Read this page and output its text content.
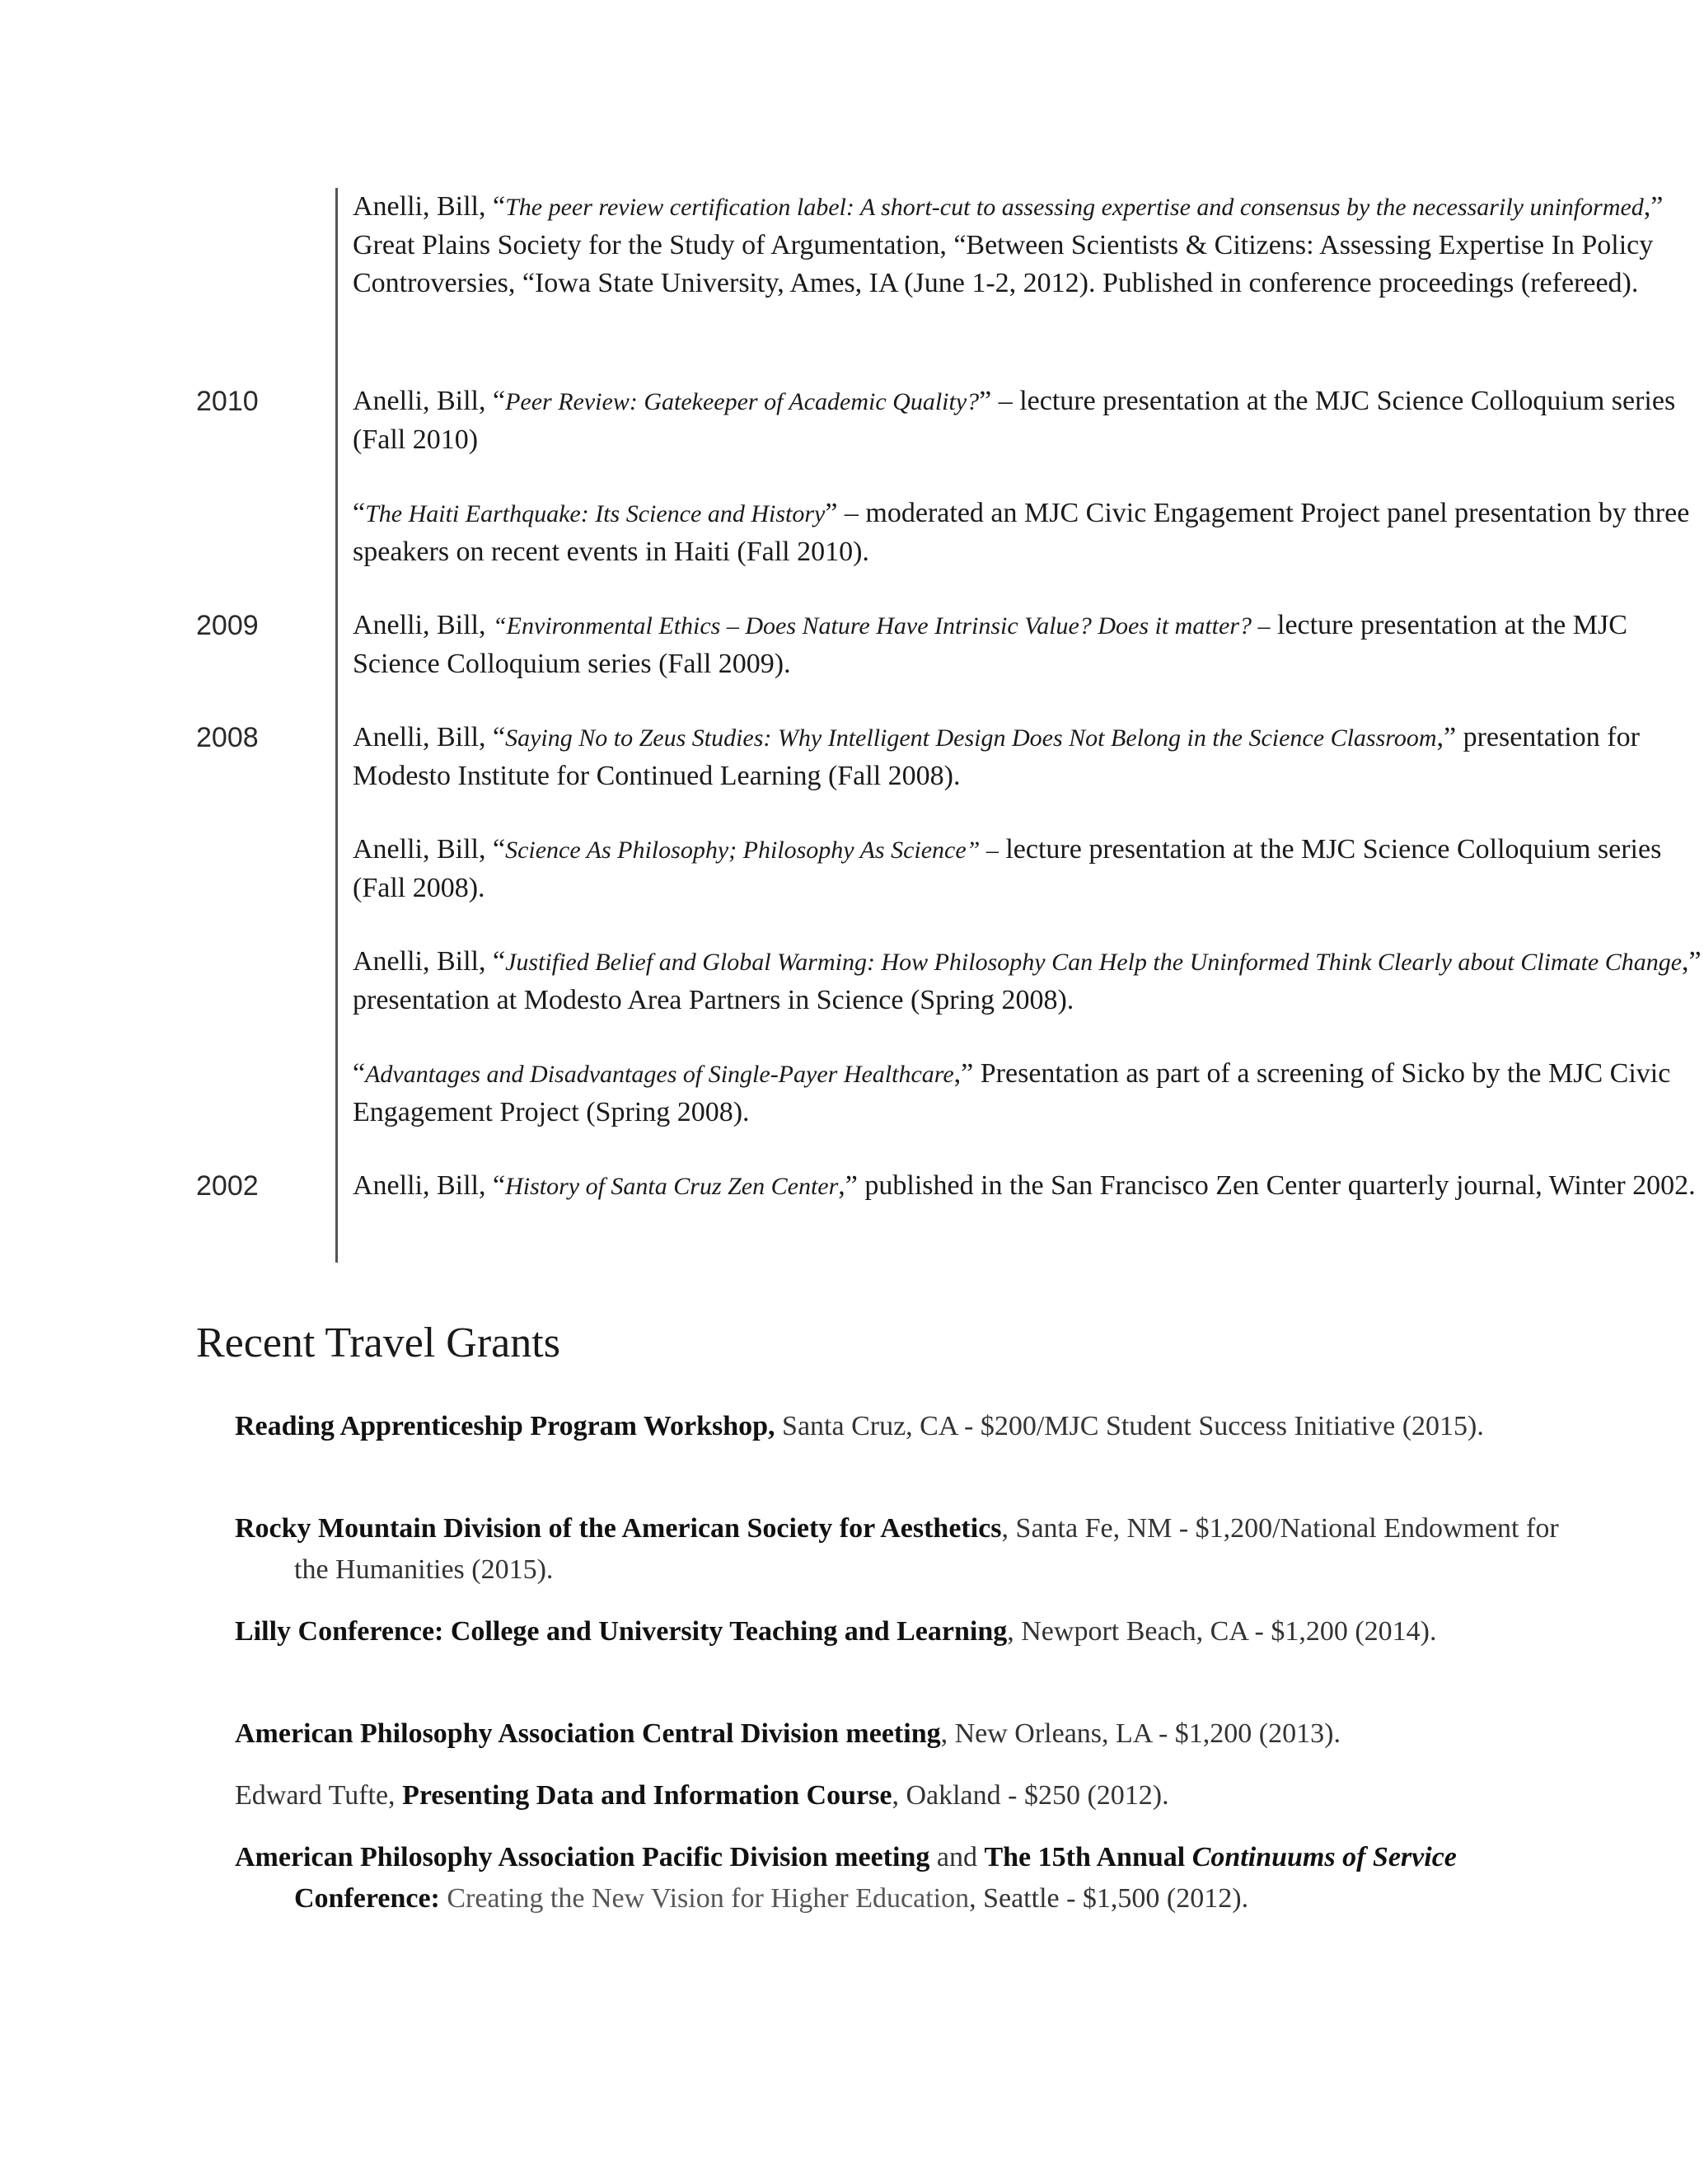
Anelli, Bill, “The peer review certification label: A short-cut to assessing expertise and consensus by the necessarily uninformed,” Great Plains Society for the Study of Argumentation, “Between Scientists & Citizens: Assessing Expertise In Policy Controversies, “Iowa State University, Ames, IA (June 1-2, 2012). Published in conference proceedings (refereed).
2010	Anelli, Bill, “Peer Review: Gatekeeper of Academic Quality?” – lecture presentation at the MJC Science Colloquium series (Fall 2010)
“The Haiti Earthquake: Its Science and History” – moderated an MJC Civic Engagement Project panel presentation by three speakers on recent events in Haiti (Fall 2010).
2009	Anelli, Bill, “Environmental Ethics – Does Nature Have Intrinsic Value? Does it matter? – lecture presentation at the MJC Science Colloquium series (Fall 2009).
2008	Anelli, Bill, “Saying No to Zeus Studies: Why Intelligent Design Does Not Belong in the Science Classroom,” presentation for Modesto Institute for Continued Learning (Fall 2008).
Anelli, Bill, “Science As Philosophy; Philosophy As Science” – lecture presentation at the MJC Science Colloquium series (Fall 2008).
Anelli, Bill, “Justified Belief and Global Warming: How Philosophy Can Help the Uninformed Think Clearly about Climate Change,” presentation at Modesto Area Partners in Science (Spring 2008).
“Advantages and Disadvantages of Single-Payer Healthcare,” Presentation as part of a screening of Sicko by the MJC Civic Engagement Project (Spring 2008).
2002	Anelli, Bill, “History of Santa Cruz Zen Center,” published in the San Francisco Zen Center quarterly journal, Winter 2002.
Recent Travel Grants
Reading Apprenticeship Program Workshop, Santa Cruz, CA - $200/MJC Student Success Initiative (2015).
Rocky Mountain Division of the American Society for Aesthetics, Santa Fe, NM - $1,200/National Endowment for the Humanities (2015).
Lilly Conference: College and University Teaching and Learning, Newport Beach, CA - $1,200 (2014).
American Philosophy Association Central Division meeting, New Orleans, LA - $1,200 (2013).
Edward Tufte, Presenting Data and Information Course, Oakland - $250 (2012).
American Philosophy Association Pacific Division meeting and The 15th Annual Continuums of Service Conference: Creating the New Vision for Higher Education, Seattle - $1,500 (2012).
